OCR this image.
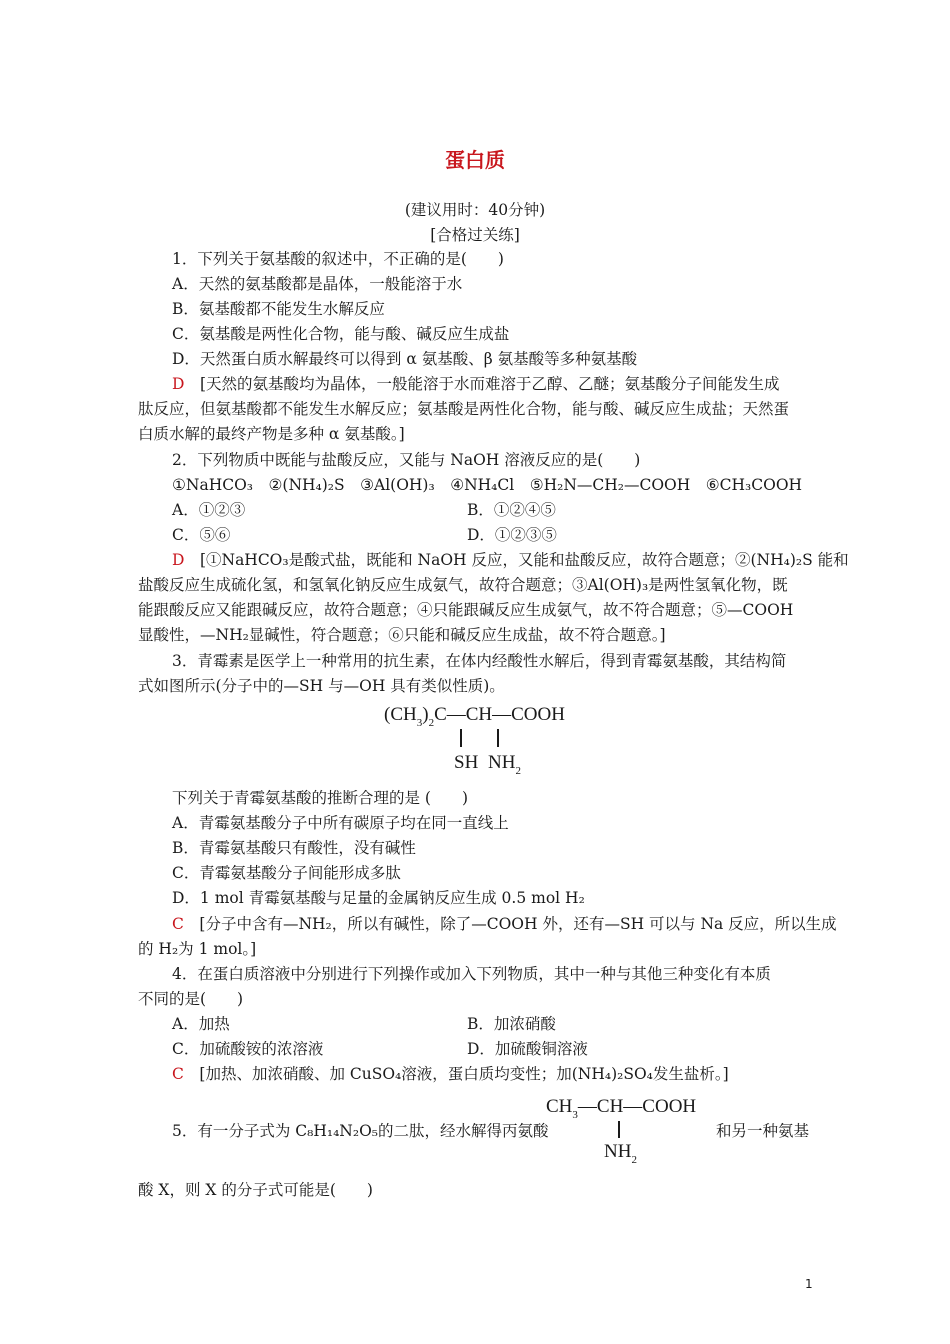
蛋白质
(建议用时：40分钟)
[合格过关练]
1．下列关于氨基酸的叙述中，不正确的是(　　)
A．天然的氨基酸都是晶体，一般能溶于水
B．氨基酸都不能发生水解反应
C．氨基酸是两性化合物，能与酸、碱反应生成盐
D．天然蛋白质水解最终可以得到 α 氨基酸、β 氨基酸等多种氨基酸
D　 [天然的氨基酸均为晶体，一般能溶于水而难溶于乙醇、乙醚；氨基酸分子间能发生成
肽反应，但氨基酸都不能发生水解反应；氨基酸是两性化合物，能与酸、碱反应生成盐；天然蛋
白质水解的最终产物是多种 α 氨基酸。]
2．下列物质中既能与盐酸反应，又能与 NaOH 溶液反应的是(　　)
①NaHCO₃　②(NH₄)₂S　③Al(OH)₃　④NH₄Cl　⑤H₂N—CH₂—COOH　⑥CH₃COOH
A．①②③	B．①②④⑤
C．⑤⑥	D．①②③⑤
D　 [①NaHCO₃是酸式盐，既能和 NaOH 反应，又能和盐酸反应，故符合题意；②(NH₄)₂S 能和
盐酸反应生成硫化氢，和氢氧化钠反应生成氨气，故符合题意；③Al(OH)₃是两性氢氧化物，既
能跟酸反应又能跟碱反应，故符合题意；④只能跟碱反应生成氨气，故不符合题意；⑤—COOH
显酸性，—NH₂显碱性，符合题意；⑥只能和碱反应生成盐，故不符合题意。]
3．青霉素是医学上一种常用的抗生素，在体内经酸性水解后，得到青霉氨基酸，其结构简
式如图所示(分子中的—SH 与—OH 具有类似性质)。
$(CH_3)_2C—CH—COOH$
SH $NH_2$
下列关于青霉氨基酸的推断合理的是 (　　)
A．青霉氨基酸分子中所有碳原子均在同一直线上
B．青霉氨基酸只有酸性，没有碱性
C．青霉氨基酸分子间能形成多肽
D．1 mol 青霉氨基酸与足量的金属钠反应生成 0.5 mol H₂
C　 [分子中含有—NH₂，所以有碱性，除了—COOH 外，还有—SH 可以与 Na 反应，所以生成
的 H₂为 1 mol。]
4．在蛋白质溶液中分别进行下列操作或加入下列物质，其中一种与其他三种变化有本质
不同的是(　　)
A．加热	B．加浓硝酸
C．加硫酸铵的浓溶液	D．加硫酸铜溶液
C　 [加热、加浓硝酸、加 CuSO₄溶液，蛋白质均变性；加(NH₄)₂SO₄发生盐析。]
5．有一分子式为 C₈H₁₄N₂O₅的二肽，经水解得丙氨酸
$CH_3—CH—COOH$
$NH_2$
和另一种氨基
酸 X，则 X 的分子式可能是(　　)
1
